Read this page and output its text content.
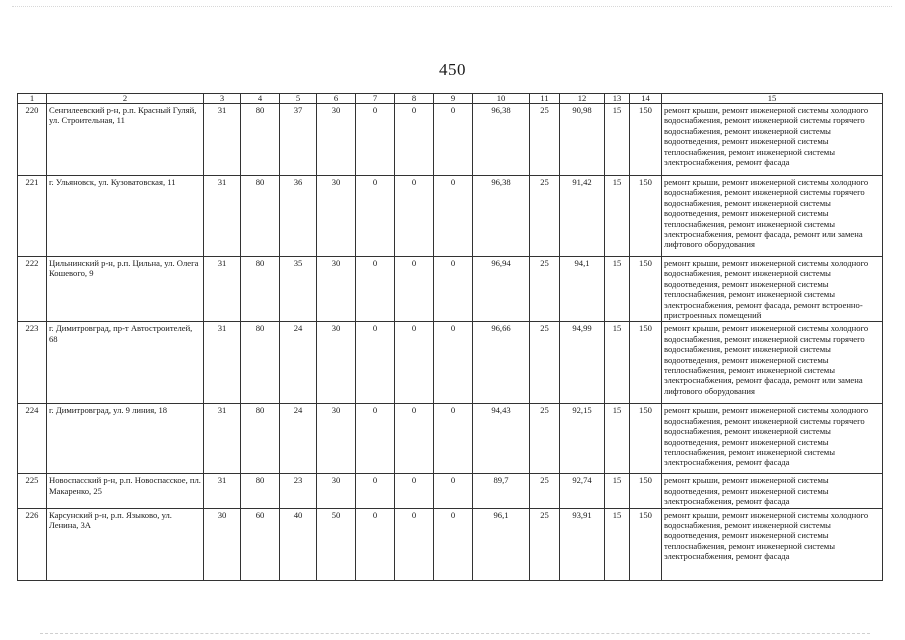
450
1	2	3	4	5	6	7	8	9	10	11	12	13	14	15
220	Сенгилеевский р-н, р.п. Красный Гуляй, ул. Строительная, 11	31	80	37	30	0	0	0	96,38	25	90,98	15	150	ремонт крыши, ремонт инженерной системы холодного водоснабжения, ремонт инженерной системы горячего водоснабжения, ремонт инженерной системы водоотведения, ремонт инженерной системы теплоснабжения, ремонт инженерной системы электроснабжения, ремонт фасада
221	г. Ульяновск, ул. Кузоватовская, 11	31	80	36	30	0	0	0	96,38	25	91,42	15	150	ремонт крыши, ремонт инженерной системы холодного водоснабжения, ремонт инженерной системы горячего водоснабжения, ремонт инженерной системы водоотведения, ремонт инженерной системы теплоснабжения, ремонт инженерной системы электроснабжения, ремонт фасада, ремонт или замена лифтового оборудования
222	Цильнинский р-н, р.п. Цильна, ул. Олега Кошевого, 9	31	80	35	30	0	0	0	96,94	25	94,1	15	150	ремонт крыши, ремонт инженерной системы холодного водоснабжения, ремонт инженерной системы водоотведения, ремонт инженерной системы теплоснабжения, ремонт инженерной системы электроснабжения, ремонт фасада, ремонт встроенно-пристроенных помещений
223	г. Димитровград, пр-т Автостроителей, 68	31	80	24	30	0	0	0	96,66	25	94,99	15	150	ремонт крыши, ремонт инженерной системы холодного водоснабжения, ремонт инженерной системы горячего водоснабжения, ремонт инженерной системы водоотведения, ремонт инженерной системы теплоснабжения, ремонт инженерной системы электроснабжения, ремонт фасада, ремонт или замена лифтового оборудования
224	г. Димитровград, ул. 9 линия, 18	31	80	24	30	0	0	0	94,43	25	92,15	15	150	ремонт крыши, ремонт инженерной системы холодного водоснабжения, ремонт инженерной системы горячего водоснабжения, ремонт инженерной системы водоотведения, ремонт инженерной системы теплоснабжения, ремонт инженерной системы электроснабжения, ремонт фасада
225	Новоспасский р-н, р.п. Новоспасское, пл. Макаренко, 25	31	80	23	30	0	0	0	89,7	25	92,74	15	150	ремонт крыши, ремонт инженерной системы водоотведения, ремонт инженерной системы электроснабжения, ремонт фасада
226	Карсунский р-н, р.п. Языково, ул. Ленина, 3А	30	60	40	50	0	0	0	96,1	25	93,91	15	150	ремонт крыши, ремонт инженерной системы холодного водоснабжения, ремонт инженерной системы водоотведения, ремонт инженерной системы теплоснабжения, ремонт инженерной системы электроснабжения, ремонт фасада
